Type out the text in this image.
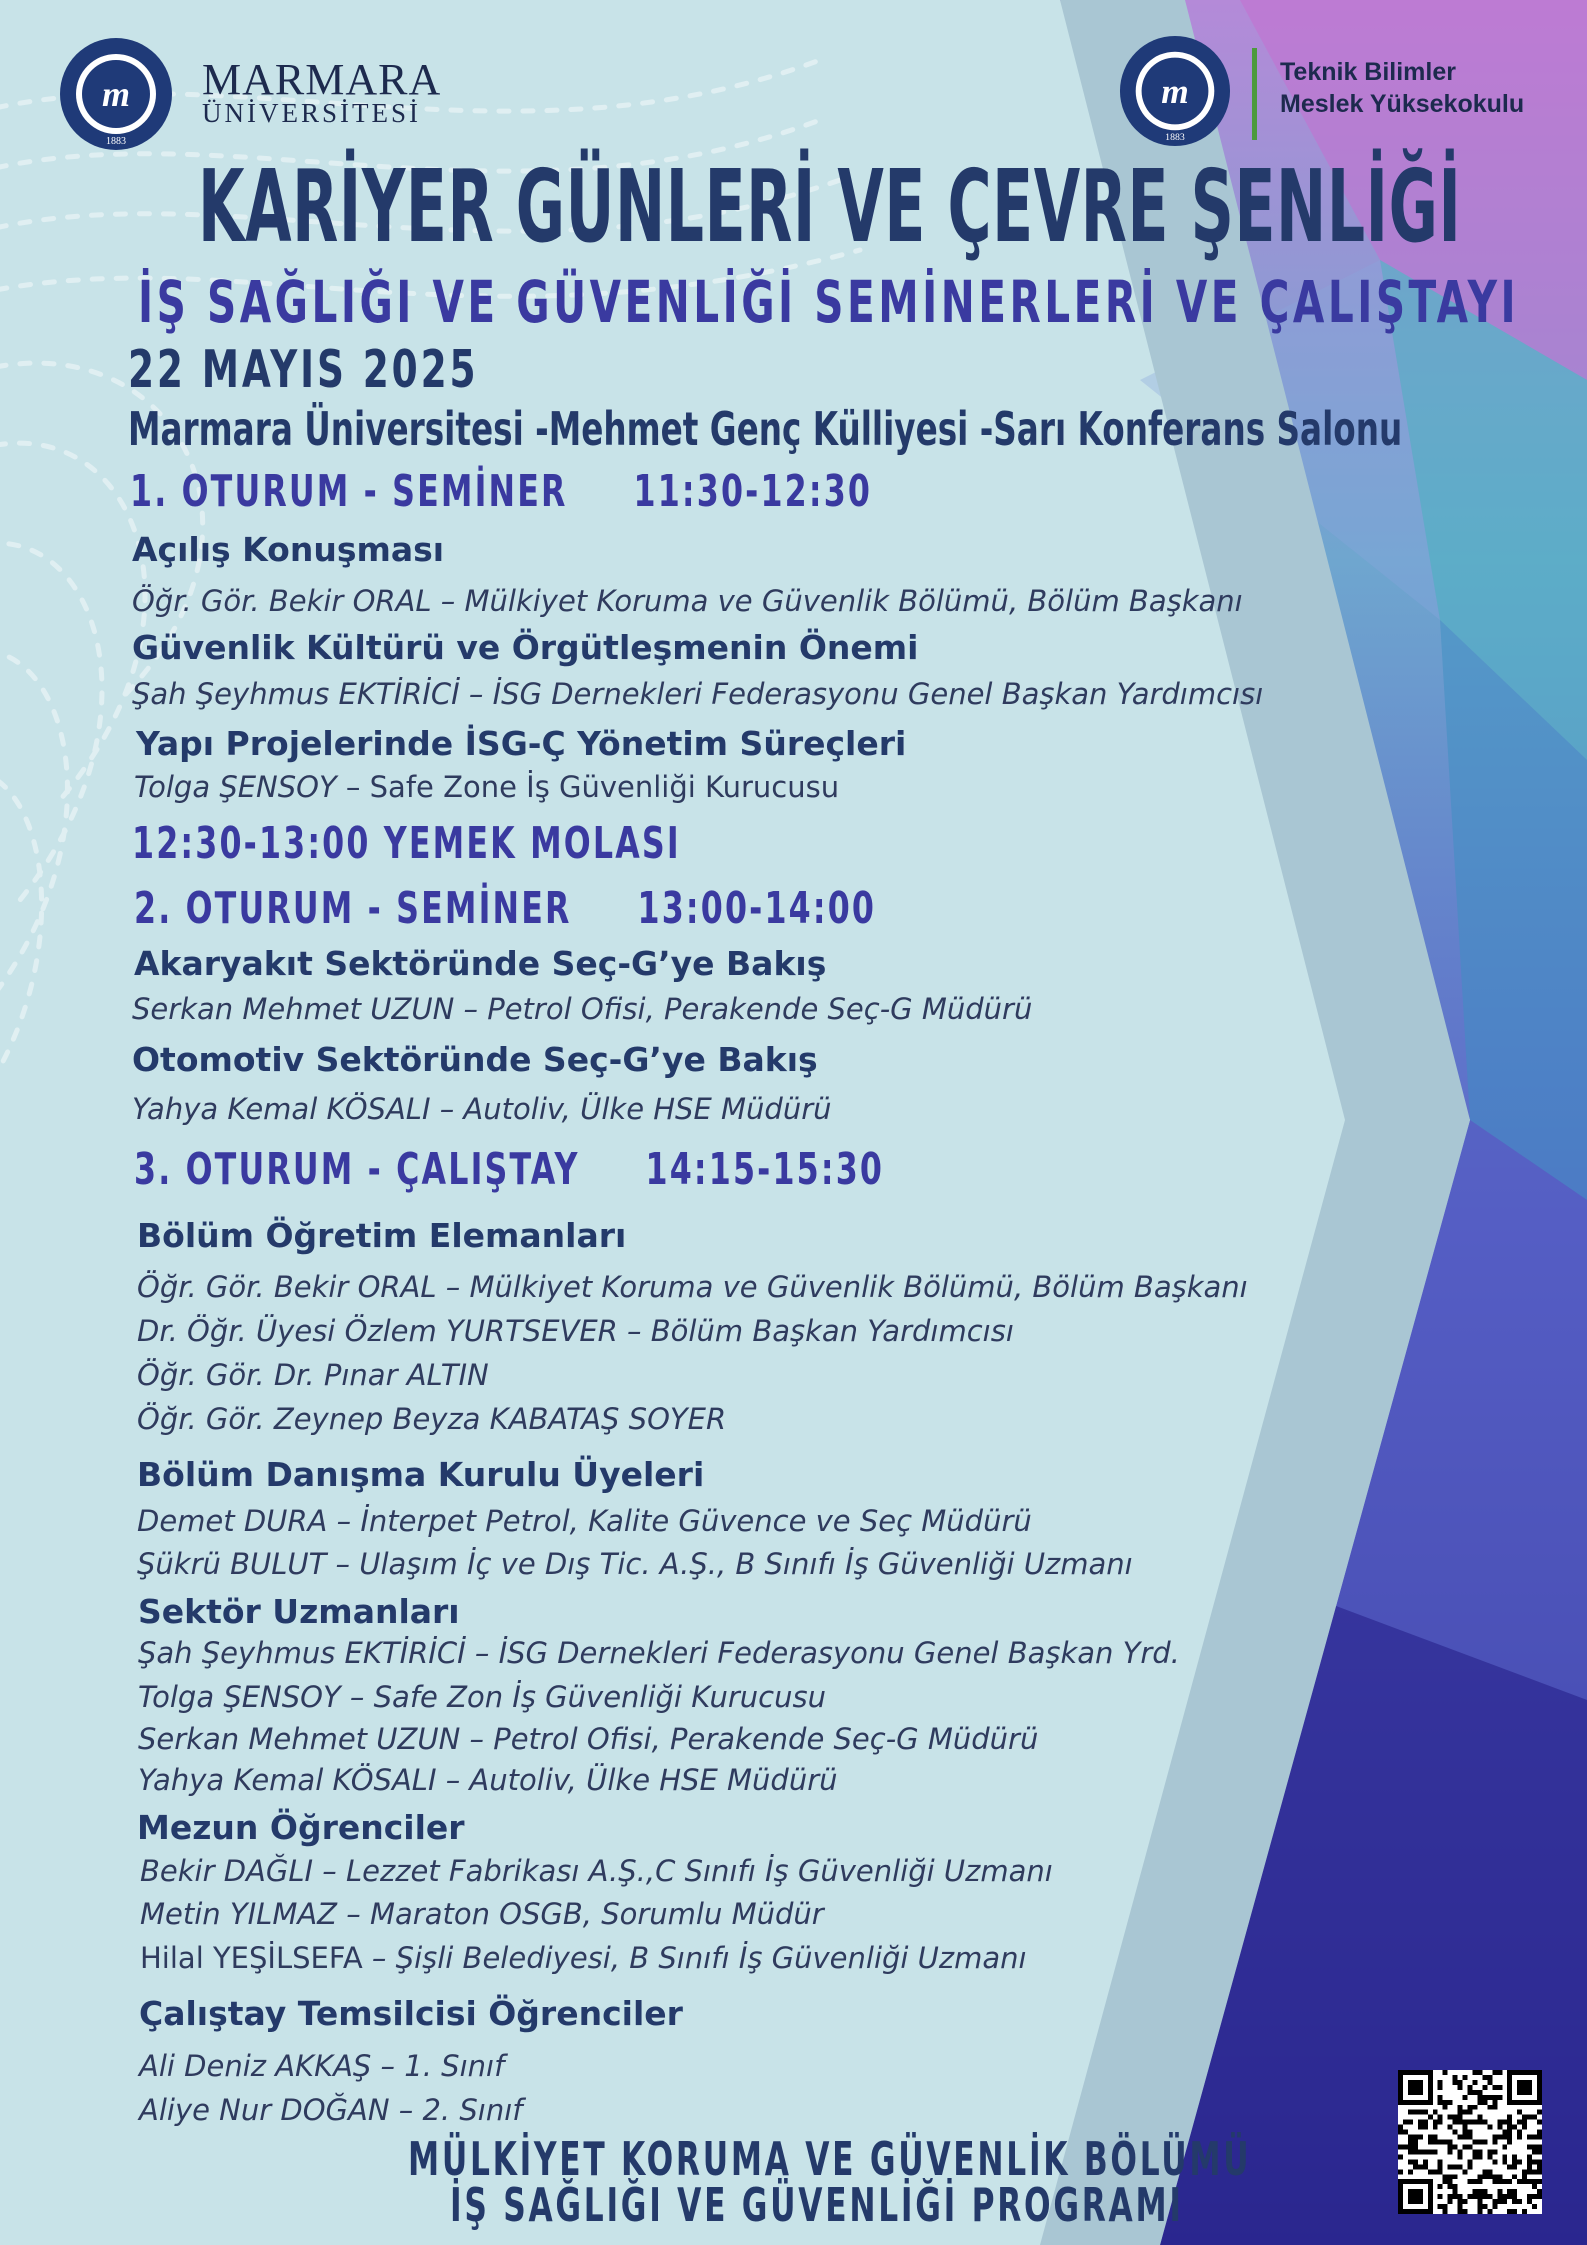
m
1883
MARMARA
ÜNİVERSİTESİ
m
1883
Teknik Bilimler
Meslek Yüksekokulu
KARİYER GÜNLERİ VE ÇEVRE ŞENLİĞİ
İŞ SAĞLIĞI VE GÜVENLİĞİ SEMİNERLERİ VE ÇALIŞTAYI
22 MAYIS 2025
Marmara Üniversitesi -Mehmet Genç Külliyesi -Sarı Konferans Salonu
1. OTURUM - SEMİNER     11:30-12:30
Açılış Konuşması
Öğr. Gör. Bekir ORAL – Mülkiyet Koruma ve Güvenlik Bölümü, Bölüm Başkanı
Güvenlik Kültürü ve Örgütleşmenin Önemi
Şah Şeyhmus EKTİRİCİ – İSG Dernekleri Federasyonu Genel Başkan Yardımcısı
Yapı Projelerinde İSG-Ç Yönetim Süreçleri
Tolga ŞENSOY – Safe Zone İş Güvenliği Kurucusu
12:30-13:00 YEMEK MOLASI
2. OTURUM - SEMİNER     13:00-14:00
Akaryakıt Sektöründe Seç-G’ye Bakış
Serkan Mehmet UZUN – Petrol Ofisi, Perakende Seç-G Müdürü
Otomotiv Sektöründe Seç-G’ye Bakış
Yahya Kemal KÖSALI – Autoliv, Ülke HSE Müdürü
3. OTURUM - ÇALIŞTAY     14:15-15:30
Bölüm Öğretim Elemanları
Öğr. Gör. Bekir ORAL – Mülkiyet Koruma ve Güvenlik Bölümü, Bölüm Başkanı
Dr. Öğr. Üyesi Özlem YURTSEVER – Bölüm Başkan Yardımcısı
Öğr. Gör. Dr. Pınar ALTIN
Öğr. Gör. Zeynep Beyza KABATAŞ SOYER
Bölüm Danışma Kurulu Üyeleri
Demet DURA – İnterpet Petrol, Kalite Güvence ve Seç Müdürü
Şükrü BULUT – Ulaşım İç ve Dış Tic. A.Ş., B Sınıfı İş Güvenliği Uzmanı
Sektör Uzmanları
Şah Şeyhmus EKTİRİCİ – İSG Dernekleri Federasyonu Genel Başkan Yrd.
Tolga ŞENSOY – Safe Zon İş Güvenliği Kurucusu
Serkan Mehmet UZUN – Petrol Ofisi, Perakende Seç-G Müdürü
Yahya Kemal KÖSALI – Autoliv, Ülke HSE Müdürü
Mezun Öğrenciler
Bekir DAĞLI – Lezzet Fabrikası A.Ş.,C Sınıfı İş Güvenliği Uzmanı
Metin YILMAZ – Maraton OSGB, Sorumlu Müdür
Hilal YEŞİLSEFA – Şişli Belediyesi, B Sınıfı İş Güvenliği Uzmanı
Çalıştay Temsilcisi Öğrenciler
Ali Deniz AKKAŞ – 1. Sınıf
Aliye Nur DOĞAN – 2. Sınıf
MÜLKİYET KORUMA VE GÜVENLİK BÖLÜMÜ
İŞ SAĞLIĞI VE GÜVENLİĞİ PROGRAMI
